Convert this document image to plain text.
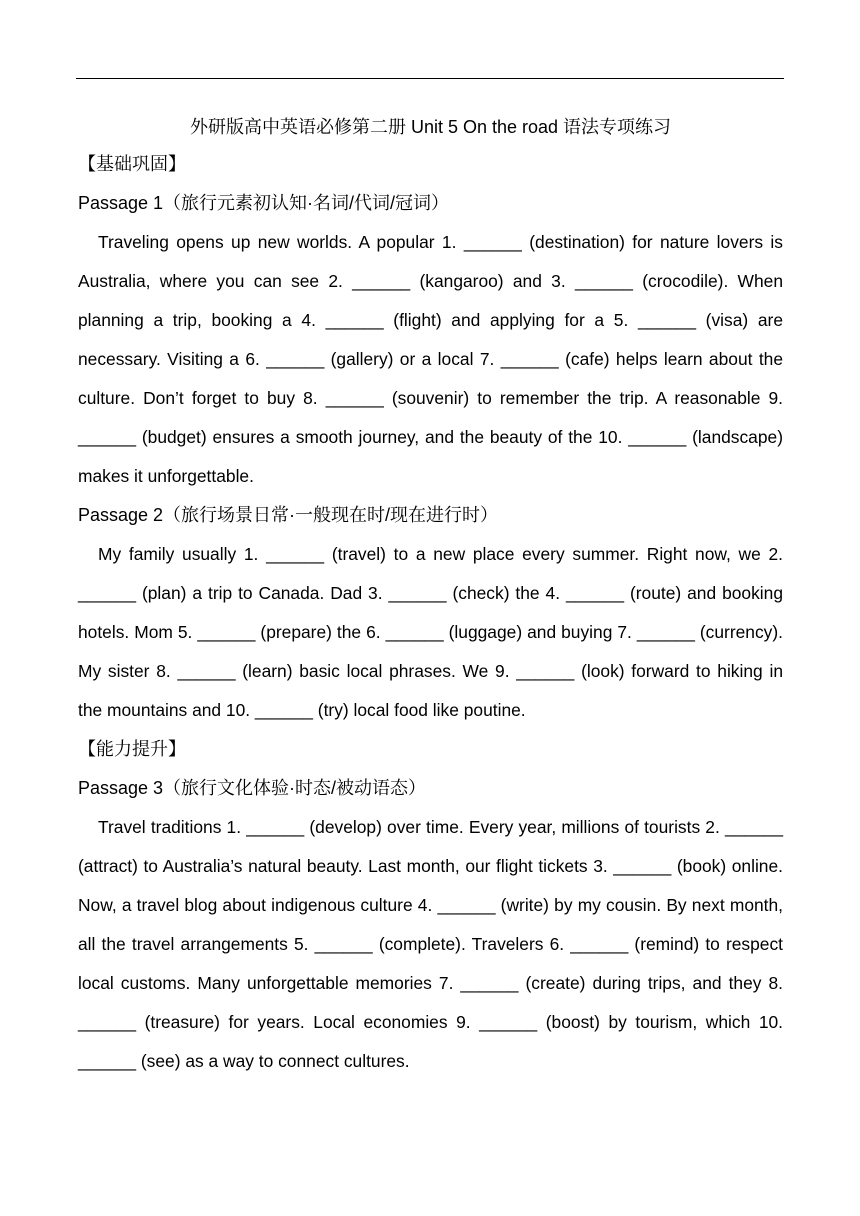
外研版高中英语必修第二册 Unit 5 On the road 语法专项练习
【基础巩固】
Passage 1（旅行元素初认知·名词/代词/冠词）

Traveling opens up new worlds. A popular 1. ______ (destination) for nature lovers is Australia, where you can see 2. ______ (kangaroo) and 3. ______ (crocodile). When planning a trip, booking a 4. ______ (flight) and applying for a 5. ______ (visa) are necessary. Visiting a 6. ______ (gallery) or a local 7. ______ (cafe) helps learn about the culture. Don’t forget to buy 8. ______ (souvenir) to remember the trip. A reasonable 9. ______ (budget) ensures a smooth journey, and the beauty of the 10. ______ (landscape) makes it unforgettable.

Passage 2（旅行场景日常·一般现在时/现在进行时）

My family usually 1. ______ (travel) to a new place every summer. Right now, we 2. ______ (plan) a trip to Canada. Dad 3. ______ (check) the 4. ______ (route) and booking hotels. Mom 5. ______ (prepare) the 6. ______ (luggage) and buying 7. ______ (currency). My sister 8. ______ (learn) basic local phrases. We 9. ______ (look) forward to hiking in the mountains and 10. ______ (try) local food like poutine.

【能力提升】
Passage 3（旅行文化体验·时态/被动语态）

Travel traditions 1. ______ (develop) over time. Every year, millions of tourists 2. ______ (attract) to Australia’s natural beauty. Last month, our flight tickets 3. ______ (book) online. Now, a travel blog about indigenous culture 4. ______ (write) by my cousin. By next month, all the travel arrangements 5. ______ (complete). Travelers 6. ______ (remind) to respect local customs. Many unforgettable memories 7. ______ (create) during trips, and they 8. ______ (treasure) for years. Local economies 9. ______ (boost) by tourism, which 10. ______ (see) as a way to connect cultures.
